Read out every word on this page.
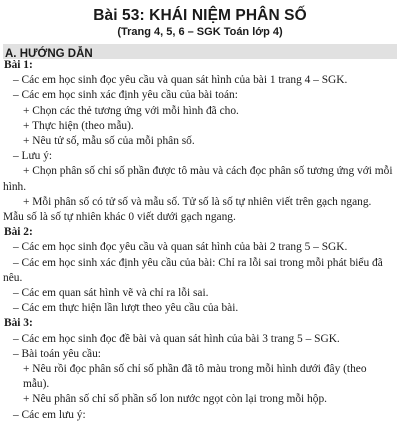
Bài 53: KHÁI NIỆM PHÂN SỐ
(Trang 4, 5, 6 – SGK Toán lớp 4)
A. HƯỚNG DẪN
Bài 1:
– Các em học sinh đọc yêu cầu và quan sát hình của bài 1 trang 4 – SGK.
– Các em học sinh xác định yêu cầu của bài toán:
+ Chọn các thẻ tương ứng với mỗi hình đã cho.
+ Thực hiện (theo mẫu).
+ Nêu tử số, mẫu số của mỗi phân số.
– Lưu ý:
+ Chọn phân số chỉ số phần được tô màu và cách đọc phân số tương ứng với mỗi hình.
+ Mỗi phân số có tử số và mẫu số. Tử số là số tự nhiên viết trên gạch ngang. Mẫu số là số tự nhiên khác 0 viết dưới gạch ngang.
Bài 2:
– Các em học sinh đọc yêu cầu và quan sát hình của bài 2 trang 5 – SGK.
– Các em học sinh xác định yêu cầu của bài: Chỉ ra lỗi sai trong mỗi phát biểu đã nêu.
– Các em quan sát hình vẽ và chỉ ra lỗi sai.
– Các em thực hiện lần lượt theo yêu cầu của bài.
Bài 3:
– Các em học sinh đọc đề bài và quan sát hình của bài 3 trang 5 – SGK.
– Bài toán yêu cầu:
+ Nêu rồi đọc phân số chỉ số phần đã tô màu trong mỗi hình dưới đây (theo mẫu).
+ Nêu phân số chỉ số phần số lon nước ngọt còn lại trong mỗi hộp.
– Các em lưu ý:
